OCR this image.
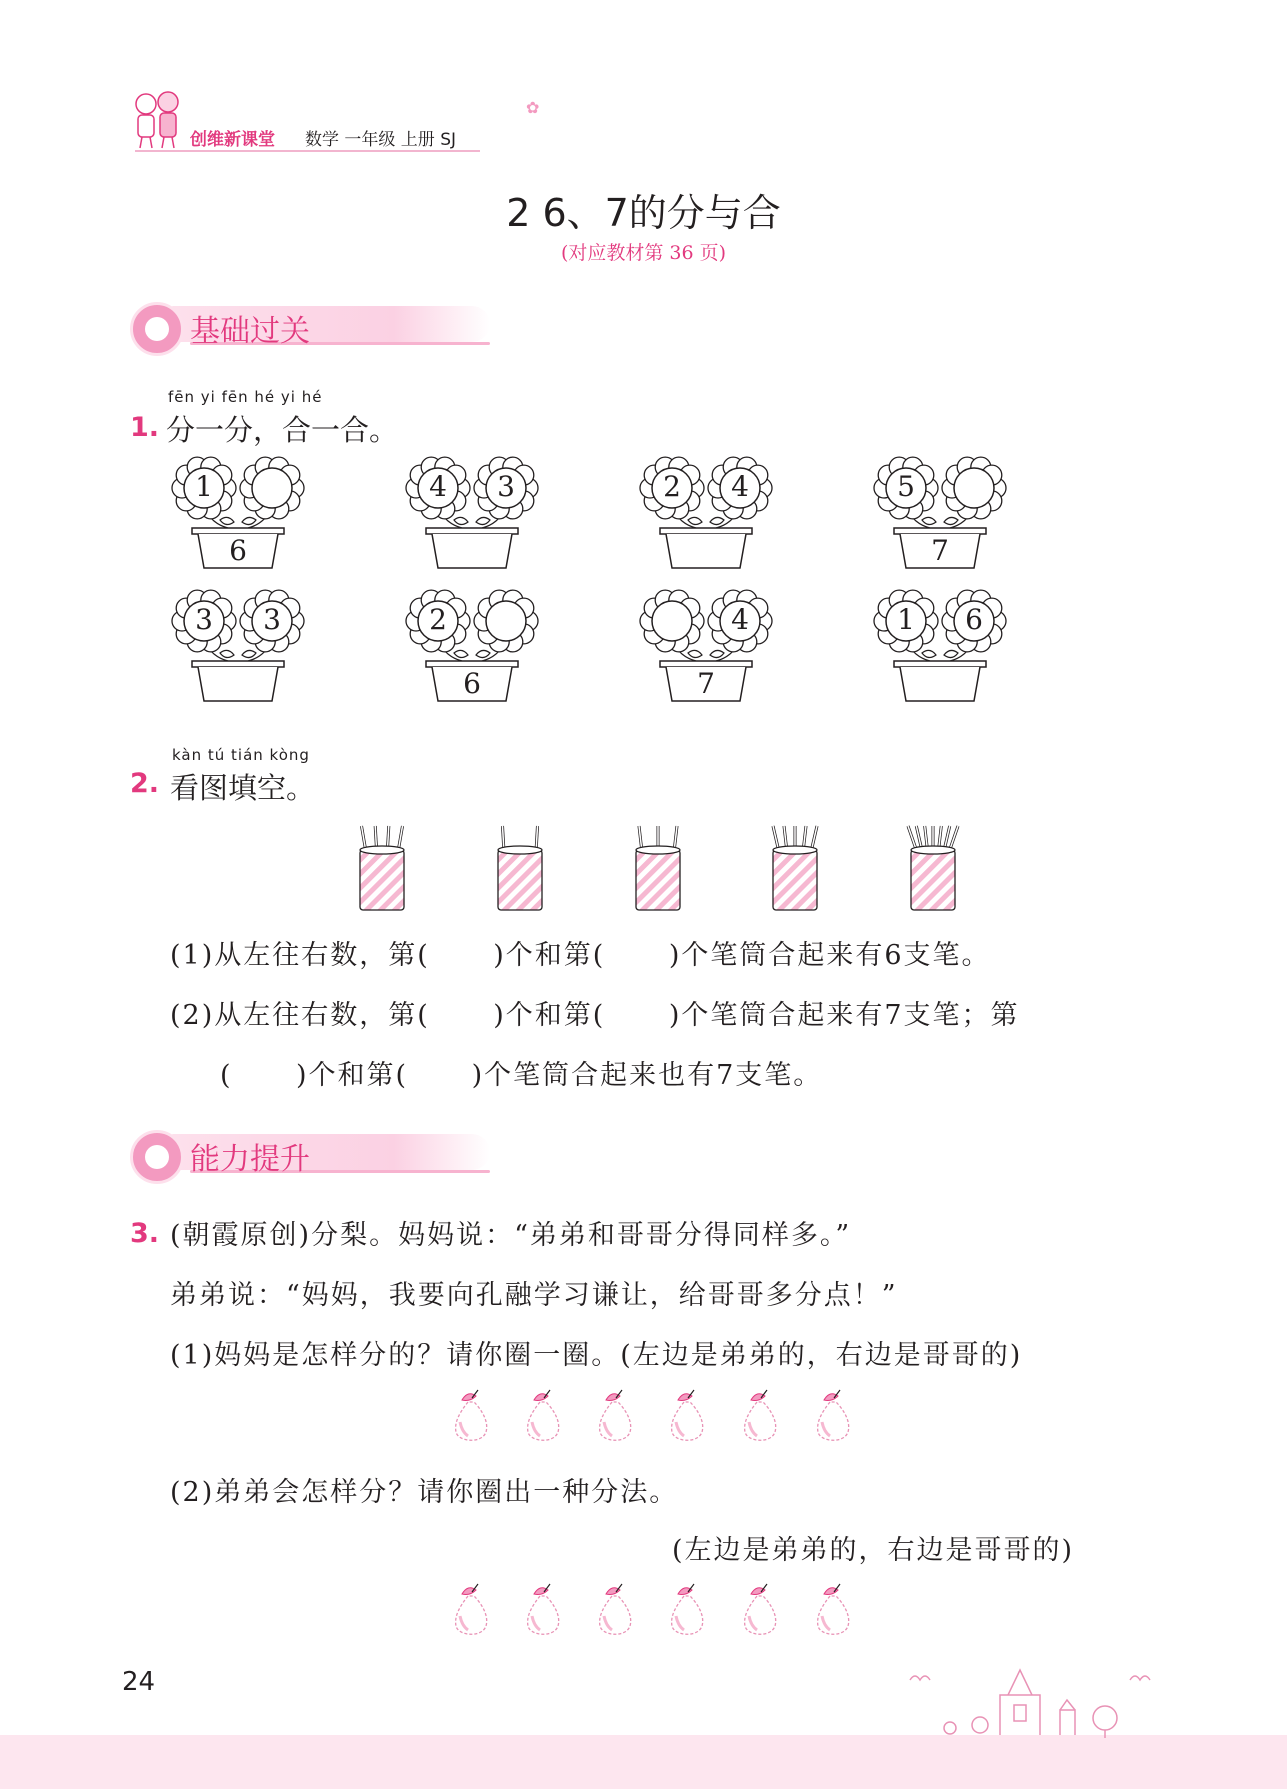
创维新课堂 数学 一年级 上册 SJ
✿
2 6、7的分与合
(对应教材第 36 页)
基础过关
fēn yi fēn hé yi hé
1. 分一分，合一合。
1
6
4	3	2	4	5
7
3	3	2
6
4
7
1	6
kàn tú tián kòng
2. 看图填空。
(1)从左往右数，第(      )个和第(      )个笔筒合起来有6支笔。
(2)从左往右数，第(      )个和第(      )个笔筒合起来有7支笔；第
(      )个和第(      )个笔筒合起来也有7支笔。
能力提升
3. (朝霞原创)分梨。妈妈说：“弟弟和哥哥分得同样多。”
弟弟说：“妈妈，我要向孔融学习谦让，给哥哥多分点！”
(1)妈妈是怎样分的？请你圈一圈。(左边是弟弟的，右边是哥哥的)
(2)弟弟会怎样分？请你圈出一种分法。
(左边是弟弟的，右边是哥哥的)
24
